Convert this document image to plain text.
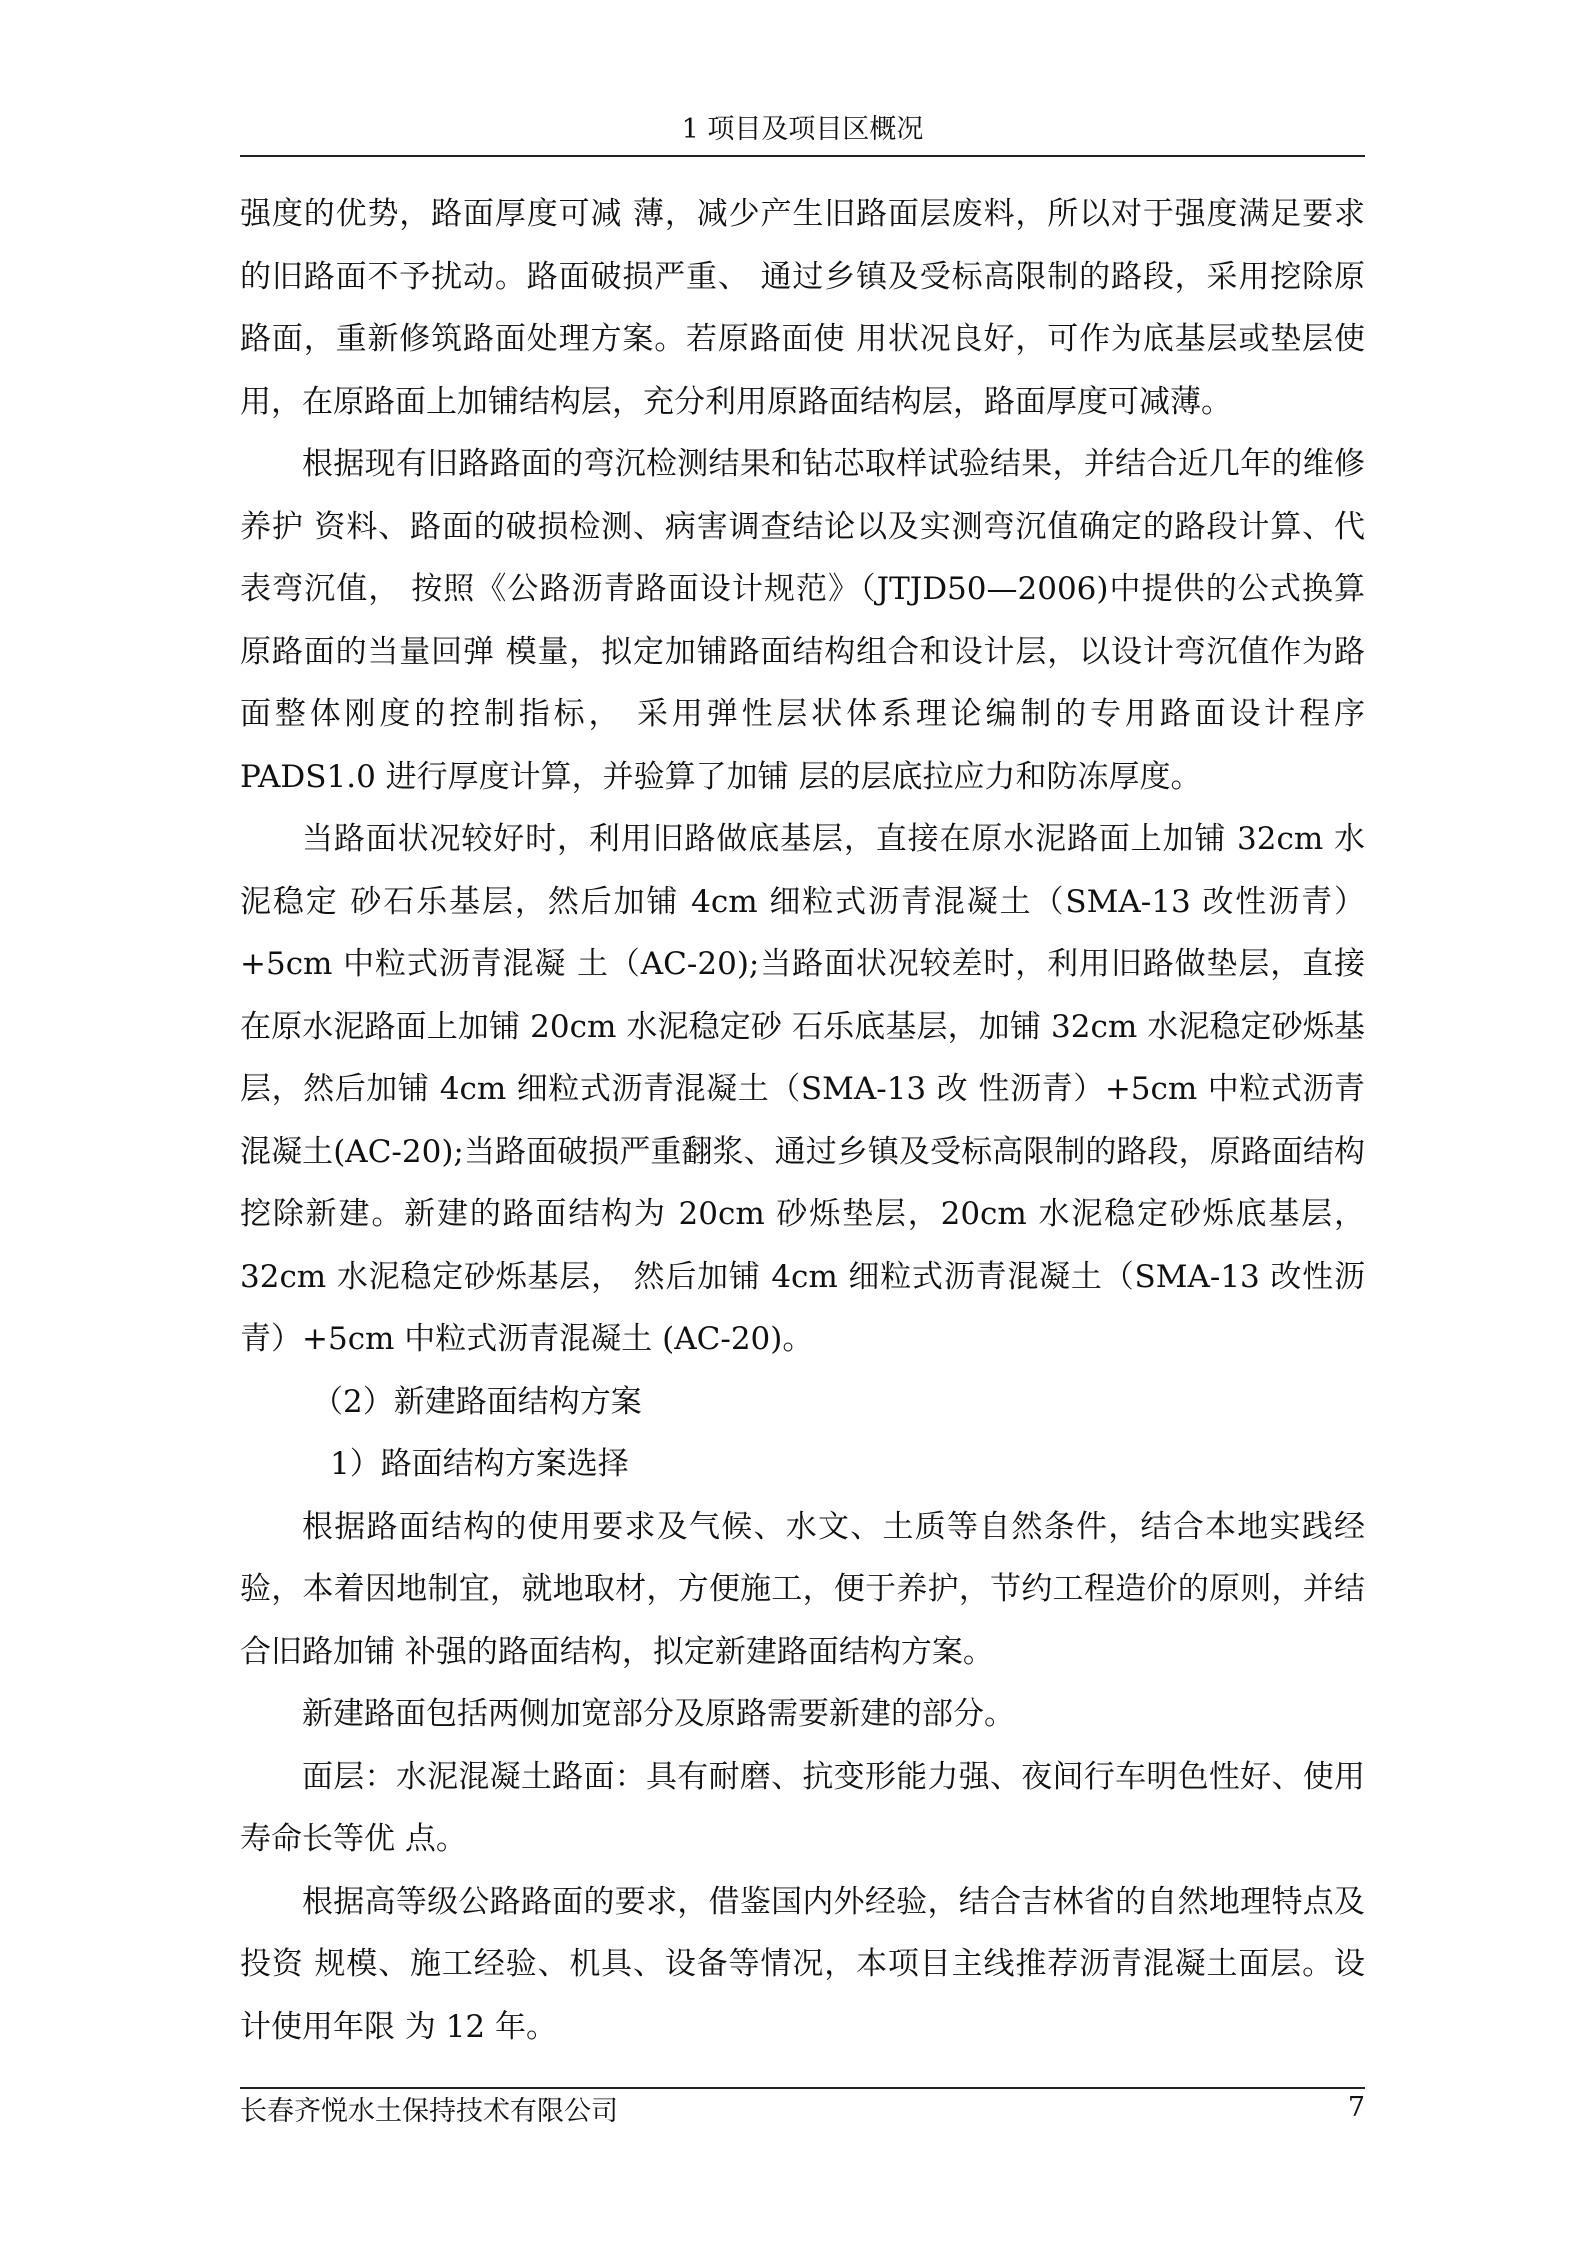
1 项目及项目区概况

强度的优势，路面厚度可减 薄，减少产生旧路面层废料，所以对于强度满足要求的旧路面不予扰动。路面破损严重、 通过乡镇及受标高限制的路段，采用挖除原路面，重新修筑路面处理方案。若原路面使 用状况良好，可作为底基层或垫层使用，在原路面上加铺结构层，充分利用原路面结构层，路面厚度可减薄。

根据现有旧路路面的弯沉检测结果和钻芯取样试验结果，并结合近几年的维修养护 资料、路面的破损检测、病害调查结论以及实测弯沉值确定的路段计算、代表弯沉值， 按照《公路沥青路面设计规范》（JTJD50—2006)中提供的公式换算原路面的当量回弹 模量，拟定加铺路面结构组合和设计层，以设计弯沉值作为路面整体刚度的控制指标， 采用弹性层状体系理论编制的专用路面设计程序 PADS1.0 进行厚度计算，并验算了加铺 层的层底拉应力和防冻厚度。

当路面状况较好时，利用旧路做底基层，直接在原水泥路面上加铺 32cm 水泥稳定 砂石乐基层，然后加铺 4cm 细粒式沥青混凝土（SMA-13 改性沥青）+5cm 中粒式沥青混凝 土（AC-20);当路面状况较差时，利用旧路做垫层，直接在原水泥路面上加铺 20cm 水泥稳定砂 石乐底基层，加铺 32cm 水泥稳定砂烁基层，然后加铺 4cm 细粒式沥青混凝土（SMA-13 改 性沥青）+5cm 中粒式沥青混凝土(AC-20);当路面破损严重翻浆、通过乡镇及受标高限制的路段，原路面结构挖除新建。新建的路面结构为 20cm 砂烁垫层，20cm 水泥稳定砂烁底基层，32cm 水泥稳定砂烁基层， 然后加铺 4cm 细粒式沥青混凝土（SMA-13 改性沥青）+5cm 中粒式沥青混凝土 (AC-20)。

（2）新建路面结构方案

1）路面结构方案选择

根据路面结构的使用要求及气候、水文、土质等自然条件，结合本地实践经验，本着因地制宜，就地取材，方便施工，便于养护，节约工程造价的原则，并结合旧路加铺 补强的路面结构，拟定新建路面结构方案。

新建路面包括两侧加宽部分及原路需要新建的部分。

面层：水泥混凝土路面：具有耐磨、抗变形能力强、夜间行车明色性好、使用寿命长等优 点。

根据高等级公路路面的要求，借鉴国内外经验，结合吉林省的自然地理特点及投资 规模、施工经验、机具、设备等情况，本项目主线推荐沥青混凝土面层。设计使用年限 为 12 年。

长春齐悦水土保持技术有限公司	7
